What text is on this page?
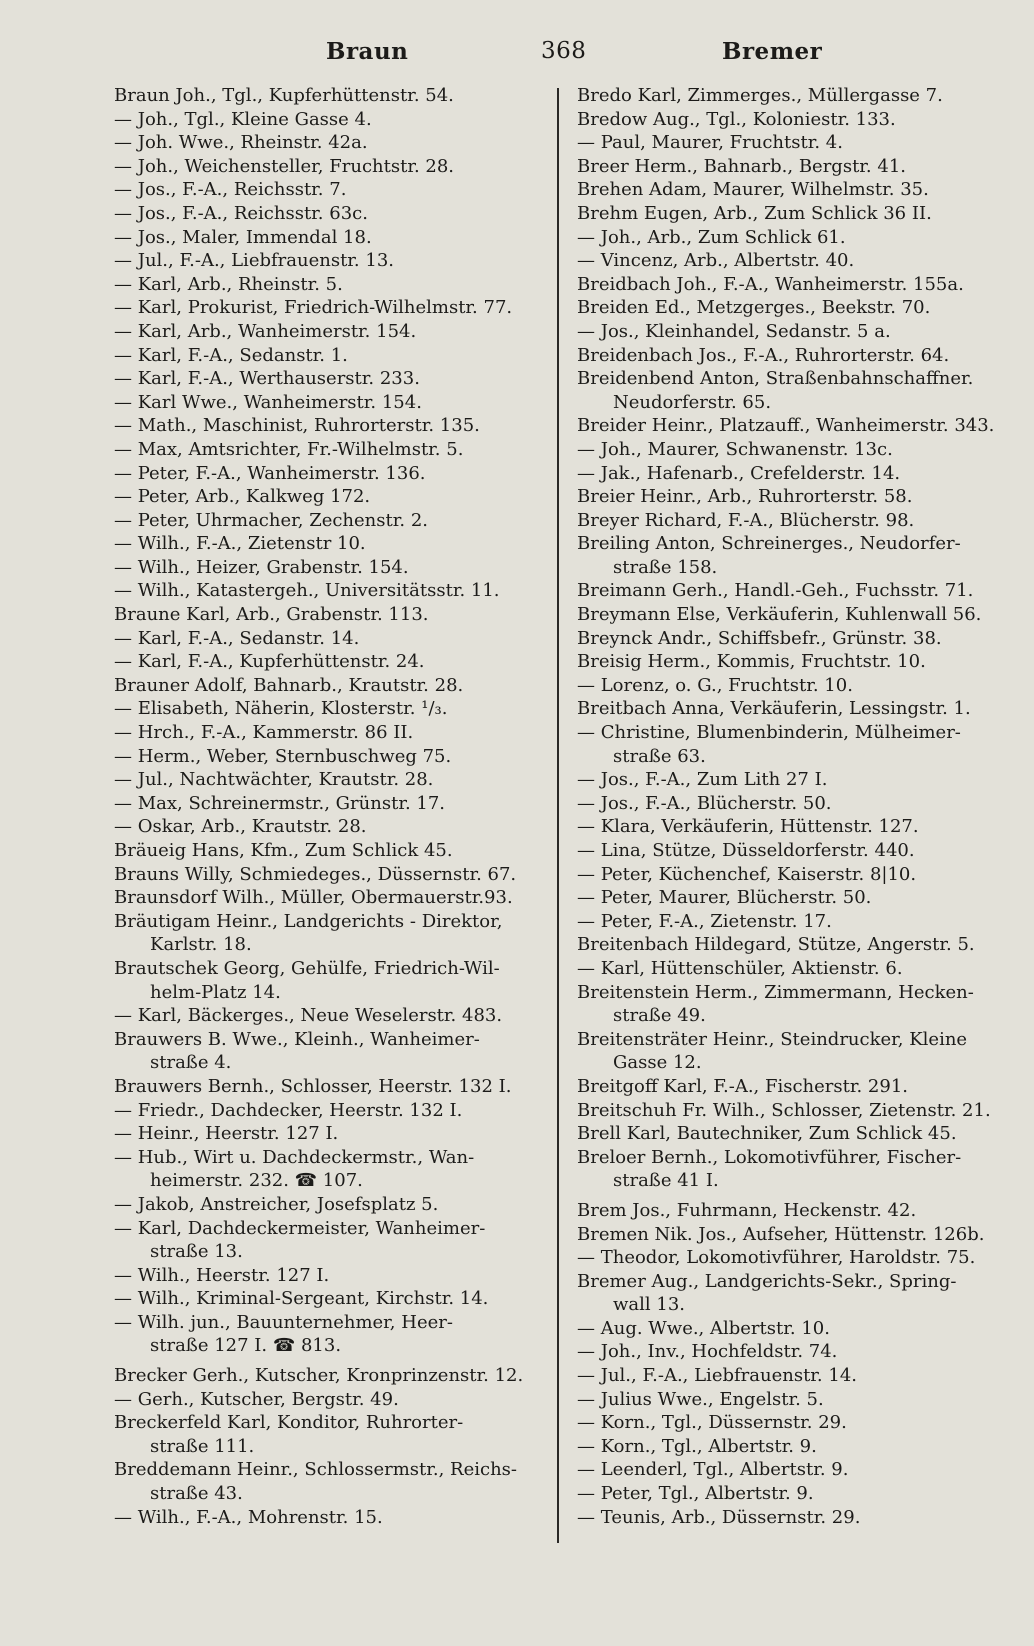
Braun	368	Bremer
Braun Joh., Tgl., Kupferhüttenstr. 54.
— Joh., Tgl., Kleine Gasse 4.
— Joh. Wwe., Rheinstr. 42a.
— Joh., Weichensteller, Fruchtstr. 28.
— Jos., F.-A., Reichsstr. 7.
— Jos., F.-A., Reichsstr. 63c.
— Jos., Maler, Immendal 18.
— Jul., F.-A., Liebfrauenstr. 13.
— Karl, Arb., Rheinstr. 5.
— Karl, Prokurist, Friedrich-Wilhelmstr. 77.
— Karl, Arb., Wanheimerstr. 154.
— Karl, F.-A., Sedanstr. 1.
— Karl, F.-A., Werthauserstr. 233.
— Karl Wwe., Wanheimerstr. 154.
— Math., Maschinist, Ruhrorterstr. 135.
— Max, Amtsrichter, Fr.-Wilhelmstr. 5.
— Peter, F.-A., Wanheimerstr. 136.
— Peter, Arb., Kalkweg 172.
— Peter, Uhrmacher, Zechenstr. 2.
— Wilh., F.-A., Zietenstr 10.
— Wilh., Heizer, Grabenstr. 154.
— Wilh., Katastergeh., Universitätsstr. 11.
Braune Karl, Arb., Grabenstr. 113.
— Karl, F.-A., Sedanstr. 14.
— Karl, F.-A., Kupferhüttenstr. 24.
Brauner Adolf, Bahnarb., Krautstr. 28.
— Elisabeth, Näherin, Klosterstr. ¹/₃.
— Hrch., F.-A., Kammerstr. 86 II.
— Herm., Weber, Sternbuschweg 75.
— Jul., Nachtwächter, Krautstr. 28.
— Max, Schreinermstr., Grünstr. 17.
— Oskar, Arb., Krautstr. 28.
Bräueig Hans, Kfm., Zum Schlick 45.
Brauns Willy, Schmiedeges., Düssernstr. 67.
Braunsdorf Wilh., Müller, Obermauerstr.93.
Bräutigam Heinr., Landgerichts - Direktor,
Karlstr. 18.
Brautschek Georg, Gehülfe, Friedrich-Wil-
helm-Platz 14.
— Karl, Bäckerges., Neue Weselerstr. 483.
Brauwers B. Wwe., Kleinh., Wanheimer-
straße 4.
Brauwers Bernh., Schlosser, Heerstr. 132 I.
— Friedr., Dachdecker, Heerstr. 132 I.
— Heinr., Heerstr. 127 I.
— Hub., Wirt u. Dachdeckermstr., Wan-
heimerstr. 232. ☎ 107.
— Jakob, Anstreicher, Josefsplatz 5.
— Karl, Dachdeckermeister, Wanheimer-
straße 13.
— Wilh., Heerstr. 127 I.
— Wilh., Kriminal-Sergeant, Kirchstr. 14.
— Wilh. jun., Bauunternehmer, Heer-
straße 127 I. ☎ 813.
Brecker Gerh., Kutscher, Kronprinzenstr. 12.
— Gerh., Kutscher, Bergstr. 49.
Breckerfeld Karl, Konditor, Ruhrorter-
straße 111.
Breddemann Heinr., Schlossermstr., Reichs-
straße 43.
— Wilh., F.-A., Mohrenstr. 15.
Bredo Karl, Zimmerges., Müllergasse 7.
Bredow Aug., Tgl., Koloniestr. 133.
— Paul, Maurer, Fruchtstr. 4.
Breer Herm., Bahnarb., Bergstr. 41.
Brehen Adam, Maurer, Wilhelmstr. 35.
Brehm Eugen, Arb., Zum Schlick 36 II.
— Joh., Arb., Zum Schlick 61.
— Vincenz, Arb., Albertstr. 40.
Breidbach Joh., F.-A., Wanheimerstr. 155a.
Breiden Ed., Metzgerges., Beekstr. 70.
— Jos., Kleinhandel, Sedanstr. 5 a.
Breidenbach Jos., F.-A., Ruhrorterstr. 64.
Breidenbend Anton, Straßenbahnschaffner.
Neudorferstr. 65.
Breider Heinr., Platzauff., Wanheimerstr. 343.
— Joh., Maurer, Schwanenstr. 13c.
— Jak., Hafenarb., Crefelderstr. 14.
Breier Heinr., Arb., Ruhrorterstr. 58.
Breyer Richard, F.-A., Blücherstr. 98.
Breiling Anton, Schreinerges., Neudorfer-
straße 158.
Breimann Gerh., Handl.-Geh., Fuchsstr. 71.
Breymann Else, Verkäuferin, Kuhlenwall 56.
Breynck Andr., Schiffsbefr., Grünstr. 38.
Breisig Herm., Kommis, Fruchtstr. 10.
— Lorenz, o. G., Fruchtstr. 10.
Breitbach Anna, Verkäuferin, Lessingstr. 1.
— Christine, Blumenbinderin, Mülheimer-
straße 63.
— Jos., F.-A., Zum Lith 27 I.
— Jos., F.-A., Blücherstr. 50.
— Klara, Verkäuferin, Hüttenstr. 127.
— Lina, Stütze, Düsseldorferstr. 440.
— Peter, Küchenchef, Kaiserstr. 8|10.
— Peter, Maurer, Blücherstr. 50.
— Peter, F.-A., Zietenstr. 17.
Breitenbach Hildegard, Stütze, Angerstr. 5.
— Karl, Hüttenschüler, Aktienstr. 6.
Breitenstein Herm., Zimmermann, Hecken-
straße 49.
Breitensträter Heinr., Steindrucker, Kleine
Gasse 12.
Breitgoff Karl, F.-A., Fischerstr. 291.
Breitschuh Fr. Wilh., Schlosser, Zietenstr. 21.
Brell Karl, Bautechniker, Zum Schlick 45.
Breloer Bernh., Lokomotivführer, Fischer-
straße 41 I.
Brem Jos., Fuhrmann, Heckenstr. 42.
Bremen Nik. Jos., Aufseher, Hüttenstr. 126b.
— Theodor, Lokomotivführer, Haroldstr. 75.
Bremer Aug., Landgerichts-Sekr., Spring-
wall 13.
— Aug. Wwe., Albertstr. 10.
— Joh., Inv., Hochfeldstr. 74.
— Jul., F.-A., Liebfrauenstr. 14.
— Julius Wwe., Engelstr. 5.
— Korn., Tgl., Düssernstr. 29.
— Korn., Tgl., Albertstr. 9.
— Leenderl, Tgl., Albertstr. 9.
— Peter, Tgl., Albertstr. 9.
— Teunis, Arb., Düssernstr. 29.
